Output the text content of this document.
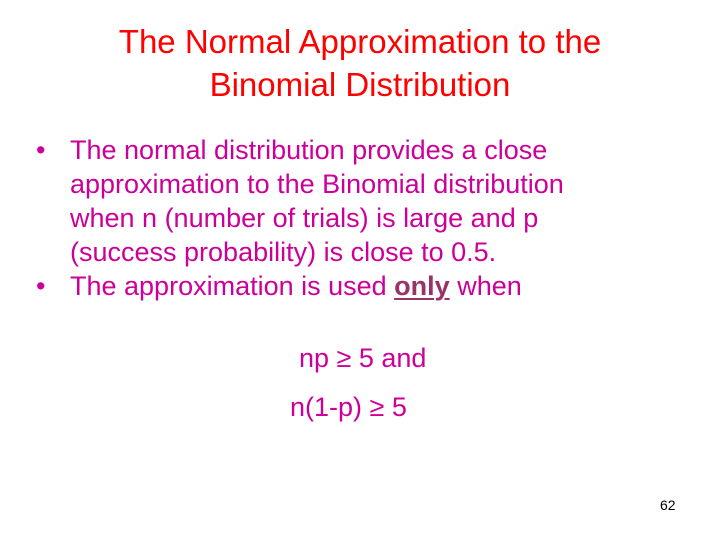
The Normal Approximation to the
Binomial Distribution
• The normal distribution provides a close
approximation to the Binomial distribution
when n (number of trials) is large and p
(success probability) is close to 0.5.
• The approximation is used only when
np ≥ 5 and
n(1-p) ≥ 5
62
